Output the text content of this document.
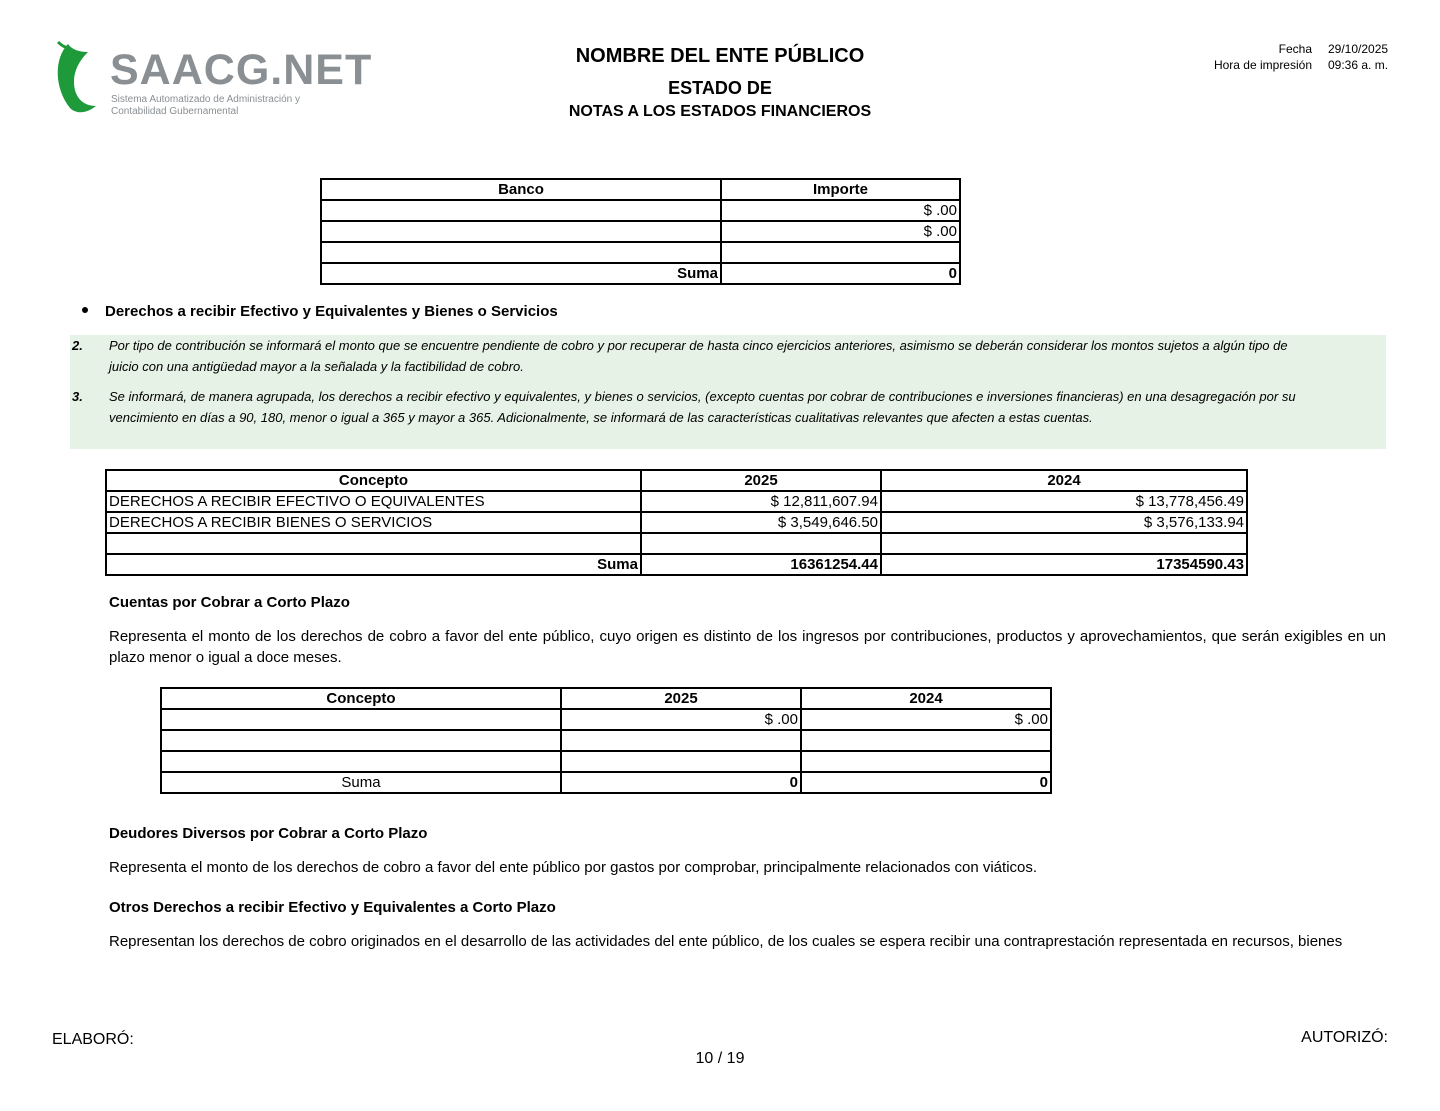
SAACG.NET
Sistema Automatizado de Administración y
Contabilidad Gubernamental
NOMBRE DEL ENTE PÚBLICO
ESTADO DE
NOTAS A LOS ESTADOS FINANCIEROS
Fecha
Hora de impresión
29/10/2025
09:36 a. m.
Banco	Importe
	$ .00
	$ .00

Suma	0
Derechos a recibir Efectivo y Equivalentes y Bienes o Servicios
2. Por tipo de contribución se informará el monto que se encuentre pendiente de cobro y por recuperar de hasta cinco ejercicios anteriores, asimismo se deberán considerar los montos sujetos a algún tipo de
juicio con una antigüedad mayor a la señalada y la factibilidad de cobro.
3. Se informará, de manera agrupada, los derechos a recibir efectivo y equivalentes, y bienes o servicios, (excepto cuentas por cobrar de contribuciones e inversiones financieras) en una desagregación por su
vencimiento en días a 90, 180, menor o igual a 365 y mayor a 365. Adicionalmente, se informará de las características cualitativas relevantes que afecten a estas cuentas.
Concepto	2025	2024
DERECHOS A RECIBIR EFECTIVO O EQUIVALENTES	$ 12,811,607.94	$ 13,778,456.49
DERECHOS A RECIBIR BIENES O SERVICIOS	$ 3,549,646.50	$ 3,576,133.94

Suma	16361254.44	17354590.43
Cuentas por Cobrar a Corto Plazo
Representa el monto de los derechos de cobro a favor del ente público, cuyo origen es distinto de los ingresos por contribuciones, productos y aprovechamientos, que serán exigibles en un plazo menor o igual a doce meses.
Concepto	2025	2024
	$ .00	$ .00

Suma	0	0
Deudores Diversos por Cobrar a Corto Plazo
Representa el monto de los derechos de cobro a favor del ente público por gastos por comprobar, principalmente relacionados con viáticos.
Otros Derechos a recibir Efectivo y Equivalentes a Corto Plazo
Representan los derechos de cobro originados en el desarrollo de las actividades del ente público, de los cuales se espera recibir una contraprestación representada en recursos, bienes
ELABORÓ:	AUTORIZÓ:
10 / 19
